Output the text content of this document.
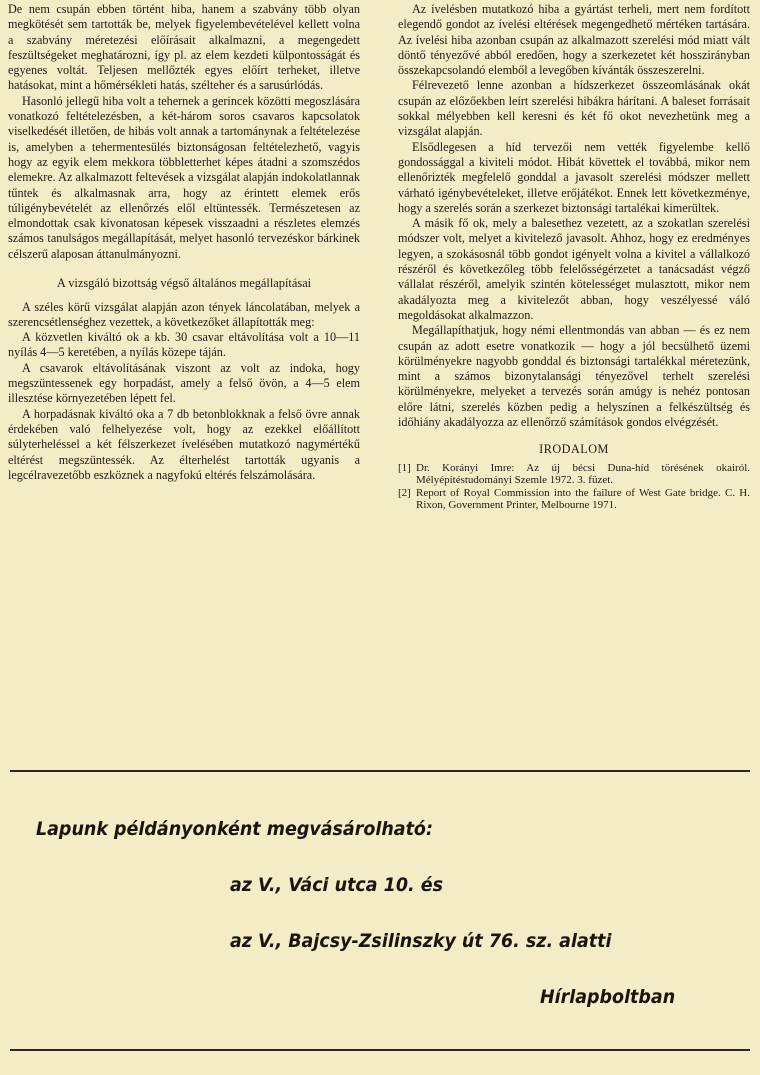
De nem csupán ebben történt hiba, hanem a szabvány több olyan megkötését sem tartották be, melyek figyelembevételével kellett volna a szabvány méretezési előírásait alkalmazni, a megengedett feszültségeket meghatározni, így pl. az elem kezdeti külpontosságát és egyenes voltát. Teljesen mellőzték egyes előírt terheket, illetve hatásokat, mint a hőmérsékleti hatás, szélteher és a sarusúrlódás.

Hasonló jellegű hiba volt a tehernek a gerincek közötti megoszlására vonatkozó feltételezésben, a két-három soros csavaros kapcsolatok viselkedését illetően, de hibás volt annak a tartománynak a feltételezése is, amelyben a tehermentesülés biztonságosan feltételezhető, vagyis hogy az egyik elem mekkora többletterhet képes átadni a szomszédos elemekre. Az alkalmazott feltevések a vizsgálat alapján indokolatlannak tűntek és alkalmasnak arra, hogy az érintett elemek erős túligénybevételét az ellenőrzés elől eltüntessék. Természetesen az elmondottak csak kivonatosan képesek visszaadni a részletes elemzés számos tanulságos megállapítását, melyet hasonló tervezéskor bárkinek célszerű alaposan áttanulmányozni.

A vizsgáló bizottság végső általános megállapításai

A széles körű vizsgálat alapján azon tények láncolatában, melyek a szerencsétlenséghez vezettek, a következőket állapították meg:

A közvetlen kiváltó ok a kb. 30 csavar eltávolítása volt a 10—11 nyílás 4—5 keretében, a nyílás közepe táján.

A csavarok eltávolításának viszont az volt az indoka, hogy megszüntessenek egy horpadást, amely a felső övön, a 4—5 elem illesztése környezetében lépett fel.

A horpadásnak kiváltó oka a 7 db betonblokknak a felső övre annak érdekében való felhelyezése volt, hogy az ezekkel előállított súlyterheléssel a két félszerkezet ívelésében mutatkozó nagymértékű eltérést megszüntessék. Az élterhelést tartották ugyanis a legcélravezetőbb eszköznek a nagyfokú eltérés felszámolására.

Az ívelésben mutatkozó hiba a gyártást terheli, mert nem fordított elegendő gondot az ívelési eltérések megengedhető mértéken tartására. Az ívelési hiba azonban csupán az alkalmazott szerelési mód miatt vált döntő tényezővé abból eredően, hogy a szerkezetet két hosszirányban összekapcsolandó elemből a levegőben kívánták összeszerelni.

Félrevezető lenne azonban a hídszerkezet összeomlásának okát csupán az előzőekben leírt szerelési hibákra hárítani. A baleset forrásait sokkal mélyebben kell keresni és két fő okot nevezhetünk meg a vizsgálat alapján.

Elsődlegesen a híd tervezői nem vették figyelembe kellő gondossággal a kiviteli módot. Hibát követtek el továbbá, mikor nem ellenőrizték megfelelő gonddal a javasolt szerelési módszer mellett várható igénybevételeket, illetve erőjátékot. Ennek lett következménye, hogy a szerelés során a szerkezet biztonsági tartalékai kimerültek.

A másik fő ok, mely a balesethez vezetett, az a szokatlan szerelési módszer volt, melyet a kivitelező javasolt. Ahhoz, hogy ez eredményes legyen, a szokásosnál több gondot igényelt volna a kivitel a vállalkozó részéről és következőleg több felelősségérzetet a tanácsadást végző vállalat részéről, amelyik szintén kötelességet mulasztott, mikor nem akadályozta meg a kivitelezőt abban, hogy veszélyessé váló megoldásokat alkalmazzon.

Megállapíthatjuk, hogy némi ellentmondás van abban — és ez nem csupán az adott esetre vonatkozik — hogy a jól becsülhető üzemi körülményekre nagyobb gonddal és biztonsági tartalékkal méretezünk, mint a számos bizonytalansági tényezővel terhelt szerelési körülményekre, melyeket a tervezés során amúgy is nehéz pontosan előre látni, szerelés közben pedig a helyszínen a felkészültség és időhiány akadályozza az ellenőrző számítások gondos elvégzését.

IRODALOM
[1] Dr. Korányi Imre: Az új bécsi Duna-híd törésének okairól. Mélyépítéstudományi Szemle 1972. 3. füzet.
[2] Report of Royal Commission into the failure of West Gate bridge. C. H. Rixon, Government Printer, Melbourne 1971.
Lapunk példányonként megvásárolható:
az V., Váci utca 10. és
az V., Bajcsy-Zsilinszky út 76. sz. alatti
Hírlapboltban
